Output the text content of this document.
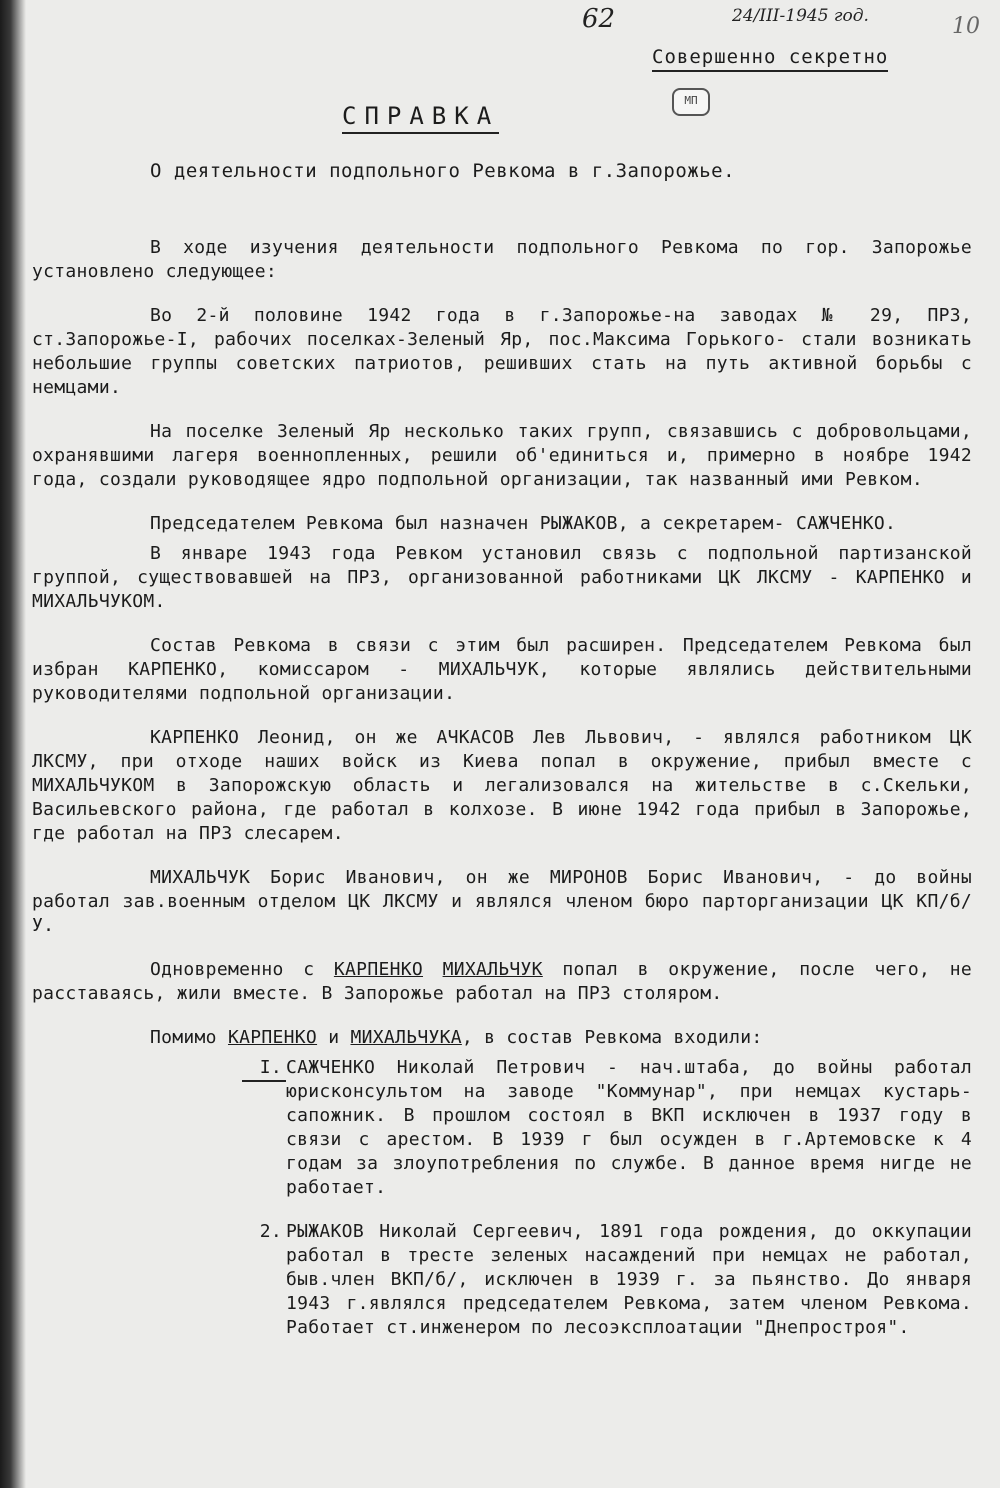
62	24/III-1945 год.	10
Совершенно секретно
МП
СПРАВКА
О деятельности подпольного Ревкома в г.Запорожье.

В ходе изучения деятельности подпольного Ревкома по гор. Запорожье установлено следующее:

Во 2-й половине 1942 года в г.Запорожье-на заводах № 29, ПРЗ, ст.Запорожье-I, рабочих поселках-Зеленый Яр, пос.Максима Горького- стали возникать небольшие группы советских патриотов, решивших стать на путь активной борьбы с немцами.

На поселке Зеленый Яр несколько таких групп, связавшись с добровольцами, охранявшими лагеря военнопленных, решили об'единиться и, примерно в ноябре 1942 года, создали руководящее ядро подпольной организации, так названный ими Ревком.

Председателем Ревкома был назначен РЫЖАКОВ, а секретарем- САЖЧЕНКО.

В январе 1943 года Ревком установил связь с подпольной партизанской группой, существовавшей на ПРЗ, организованной работниками ЦК ЛКСМУ - КАРПЕНКО и МИХАЛЬЧУКОМ.

Состав Ревкома в связи с этим был расширен. Председателем Ревкома был избран КАРПЕНКО, комиссаром - МИХАЛЬЧУК, которые являлись действительными руководителями подпольной организации.

КАРПЕНКО Леонид, он же АЧКАСОВ Лев Львович, - являлся работником ЦК ЛКСМУ, при отходе наших войск из Киева попал в окружение, прибыл вместе с МИХАЛЬЧУКОМ в Запорожскую область и легализовался на жительстве в с.Скельки, Васильевского района, где работал в колхозе. В июне 1942 года прибыл в Запорожье, где работал на ПРЗ слесарем.

МИХАЛЬЧУК Борис Иванович, он же МИРОНОВ Борис Иванович, - до войны работал зав.военным отделом ЦК ЛКСМУ и являлся членом бюро парторганизации ЦК КП/б/У.

Одновременно с КАРПЕНКО МИХАЛЬЧУК попал в окружение, после чего, не расставаясь, жили вместе. В Запорожье работал на ПРЗ столяром.

Помимо КАРПЕНКО и МИХАЛЬЧУКА, в состав Ревкома входили:

I. САЖЧЕНКО Николай Петрович - нач.штаба, до войны работал юрисконсультом на заводе "Коммунар", при немцах кустарь-сапожник. В прошлом состоял в ВКП исключен в 1937 году в связи с арестом. В 1939 г был осужден в г.Артемовске к 4 годам за злоупотребления по службе. В данное время нигде не работает.
2. РЫЖАКОВ Николай Сергеевич, 1891 года рождения, до оккупации работал в тресте зеленых насаждений при немцах не работал, быв.член ВКП/б/, исключен в 1939 г. за пьянство. До января 1943 г.являлся председателем Ревкома, затем членом Ревкома. Работает ст.инженером по лесоэксплоатации "Днепростроя".
